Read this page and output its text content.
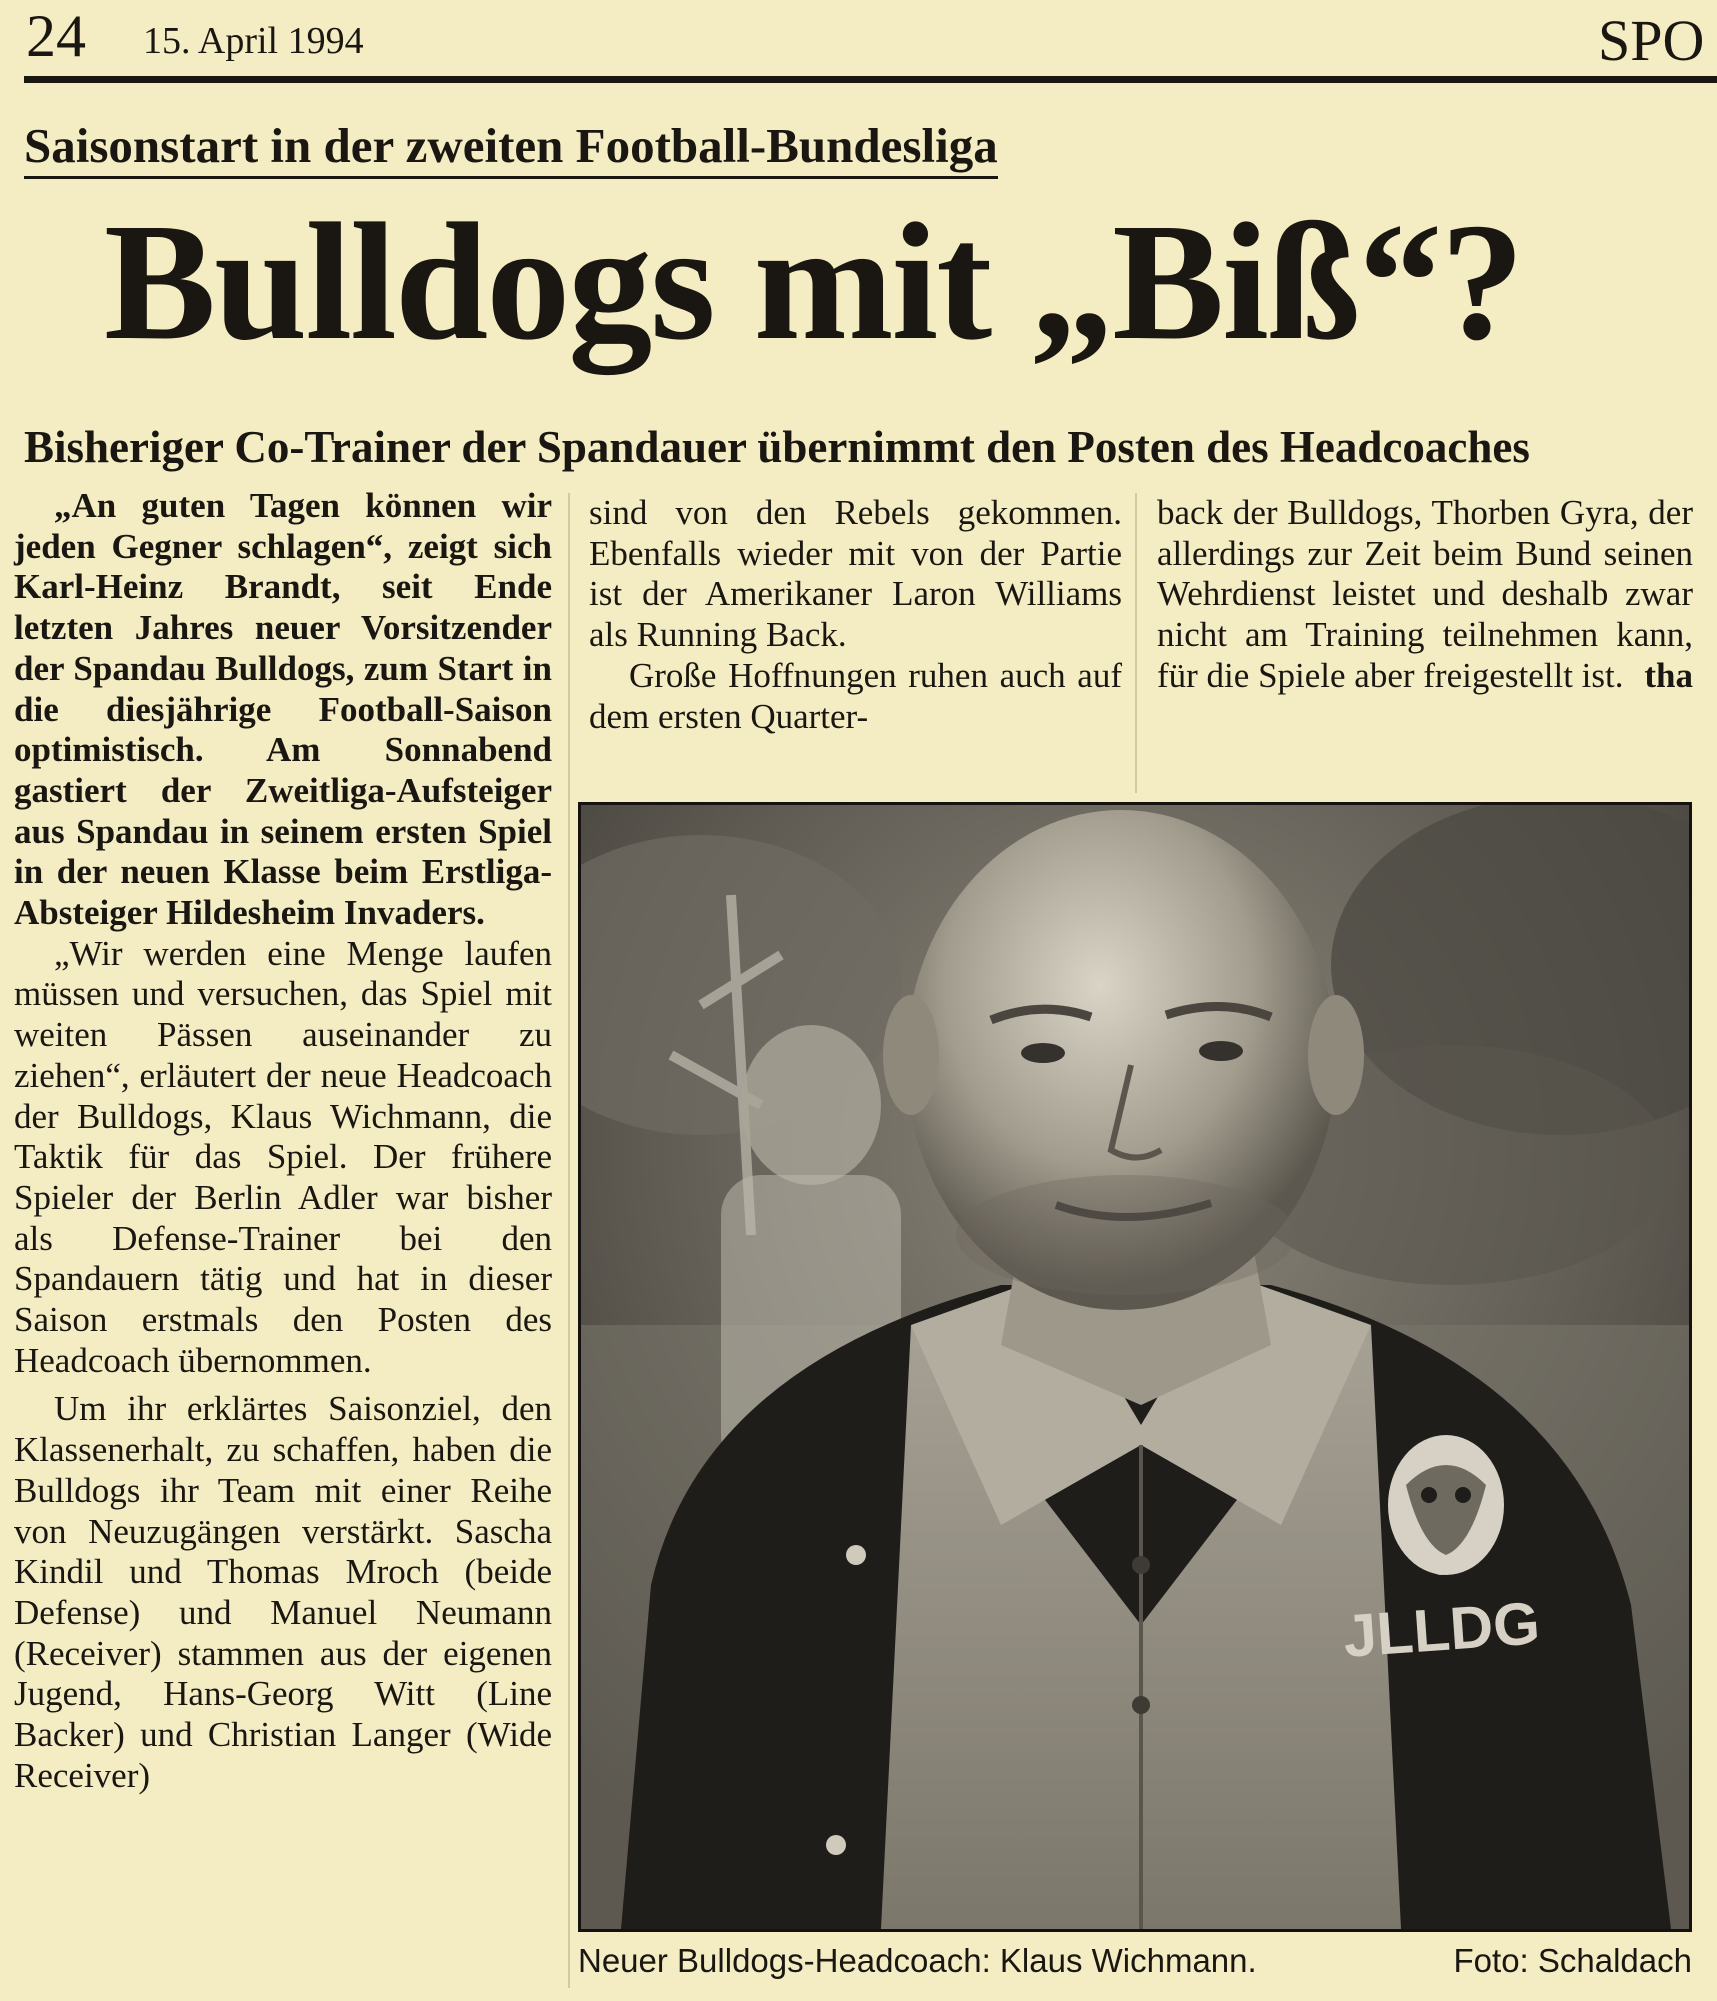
24 15. April 1994	SPO
Saisonstart in der zweiten Football-Bundesliga
Bulldogs mit „Biß“?
Bisheriger Co-Trainer der Spandauer übernimmt den Posten des Headcoaches

„An guten Tagen können wir jeden Gegner schlagen“, zeigt sich Karl-Heinz Brandt, seit Ende letzten Jahres neuer Vorsitzender der Spandau Bulldogs, zum Start in die diesjährige Football-Saison optimistisch. Am Sonnabend gastiert der Zweitliga-Aufsteiger aus Spandau in seinem ersten Spiel in der neuen Klasse beim Erstliga-Absteiger Hildesheim Invaders.

„Wir werden eine Menge laufen müssen und versuchen, das Spiel mit weiten Pässen auseinander zu ziehen“, erläutert der neue Headcoach der Bulldogs, Klaus Wichmann, die Taktik für das Spiel. Der frühere Spieler der Berlin Adler war bisher als Defense-Trainer bei den Spandauern tätig und hat in dieser Saison erstmals den Posten des Headcoach übernommen.

Um ihr erklärtes Saisonziel, den Klassenerhalt, zu schaffen, haben die Bulldogs ihr Team mit einer Reihe von Neuzugängen verstärkt. Sascha Kindil und Thomas Mroch (beide Defense) und Manuel Neumann (Receiver) stammen aus der eigenen Jugend, Hans-Georg Witt (Line Backer) und Christian Langer (Wide Receiver)

sind von den Rebels gekommen. Ebenfalls wieder mit von der Partie ist der Amerikaner Laron Williams als Running Back.

Große Hoffnungen ruhen auch auf dem ersten Quarter-

back der Bulldogs, Thorben Gyra, der allerdings zur Zeit beim Bund seinen Wehrdienst leistet und deshalb zwar nicht am Training teilnehmen kann, für die Spiele aber freigestellt ist. tha

JLLDG
Neuer Bulldogs-Headcoach: Klaus Wichmann.	Foto: Schaldach
